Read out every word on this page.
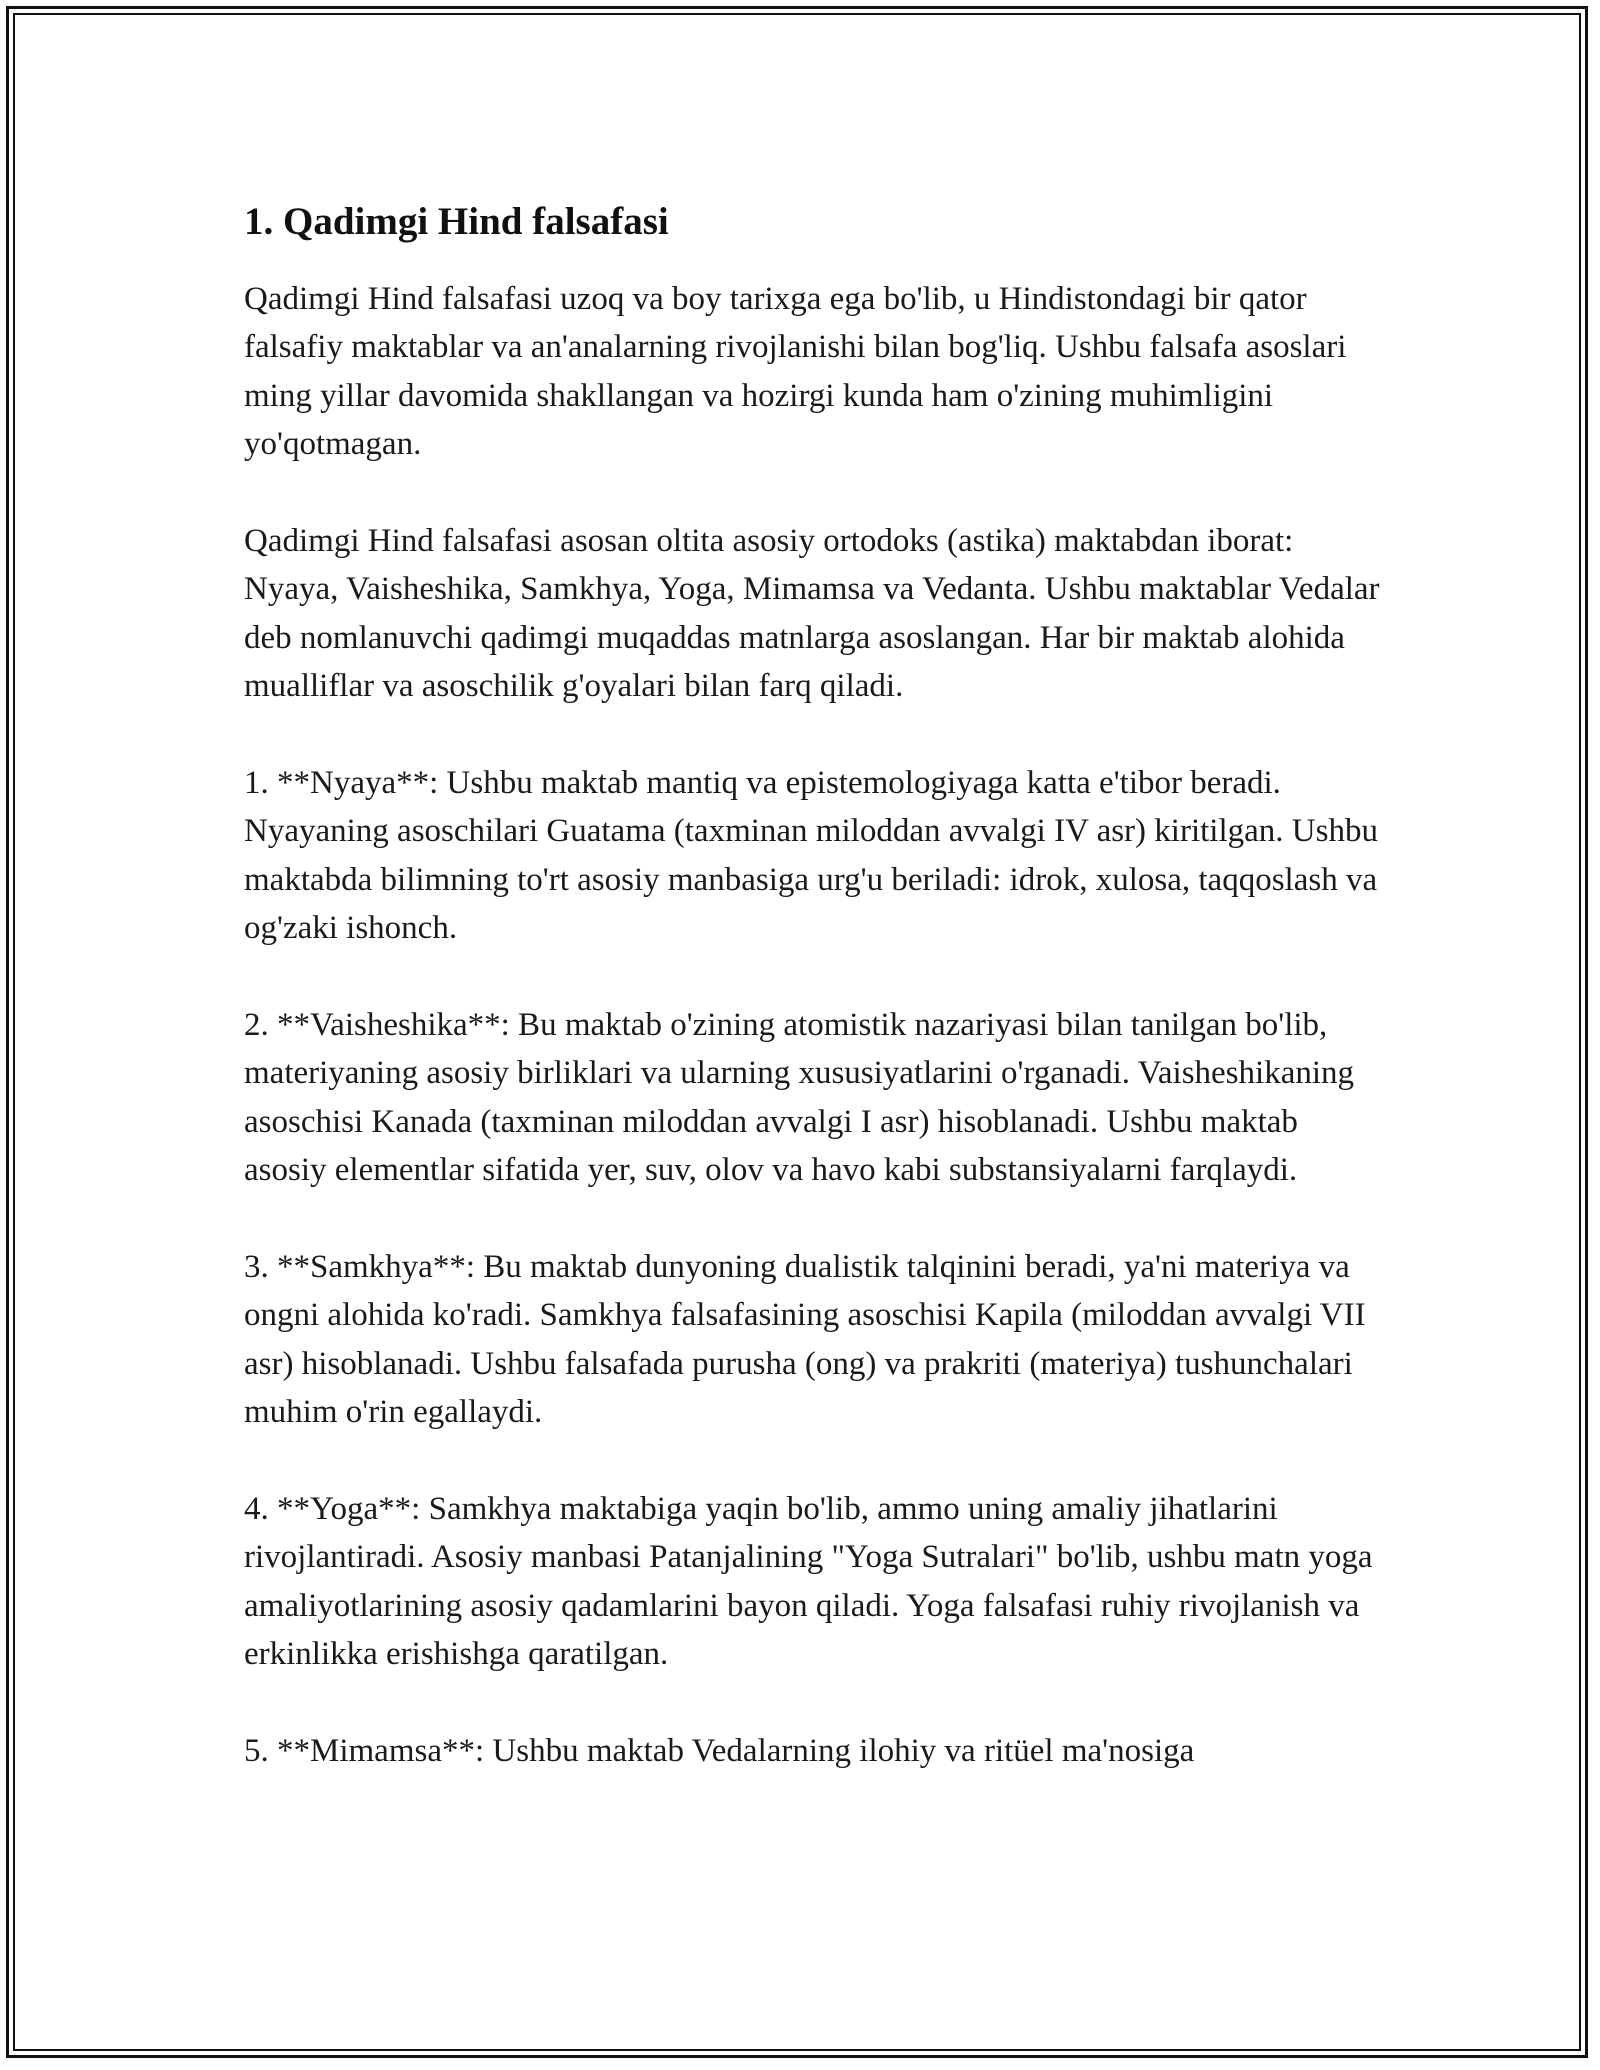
1. Qadimgi Hind falsafasi

Qadimgi Hind falsafasi uzoq va boy tarixga ega bo'lib, u Hindistondagi bir qator falsafiy maktablar va an'analarning rivojlanishi bilan bog'liq. Ushbu falsafa asoslari ming yillar davomida shakllangan va hozirgi kunda ham o'zining muhimligini yo'qotmagan.

Qadimgi Hind falsafasi asosan oltita asosiy ortodoks (astika) maktabdan iborat: Nyaya, Vaisheshika, Samkhya, Yoga, Mimamsa va Vedanta. Ushbu maktablar Vedalar deb nomlanuvchi qadimgi muqaddas matnlarga asoslangan. Har bir maktab alohida mualliflar va asoschilik g'oyalari bilan farq qiladi.

1. **Nyaya**: Ushbu maktab mantiq va epistemologiyaga katta e'tibor beradi. Nyayaning asoschilari Guatama (taxminan miloddan avvalgi IV asr) kiritilgan. Ushbu maktabda bilimning to'rt asosiy manbasiga urg'u beriladi: idrok, xulosa, taqqoslash va og'zaki ishonch.

2. **Vaisheshika**: Bu maktab o'zining atomistik nazariyasi bilan tanilgan bo'lib, materiyaning asosiy birliklari va ularning xususiyatlarini o'rganadi. Vaisheshikaning asoschisi Kanada (taxminan miloddan avvalgi I asr) hisoblanadi. Ushbu maktab asosiy elementlar sifatida yer, suv, olov va havo kabi substansiyalarni farqlaydi.

3. **Samkhya**: Bu maktab dunyoning dualistik talqinini beradi, ya'ni materiya va ongni alohida ko'radi. Samkhya falsafasining asoschisi Kapila (miloddan avvalgi VII asr) hisoblanadi. Ushbu falsafada purusha (ong) va prakriti (materiya) tushunchalari muhim o'rin egallaydi.

4. **Yoga**: Samkhya maktabiga yaqin bo'lib, ammo uning amaliy jihatlarini rivojlantiradi. Asosiy manbasi Patanjalining "Yoga Sutralari" bo'lib, ushbu matn yoga amaliyotlarining asosiy qadamlarini bayon qiladi. Yoga falsafasi ruhiy rivojlanish va erkinlikka erishishga qaratilgan.

5. **Mimamsa**: Ushbu maktab Vedalarning ilohiy va ritüel ma'nosiga
